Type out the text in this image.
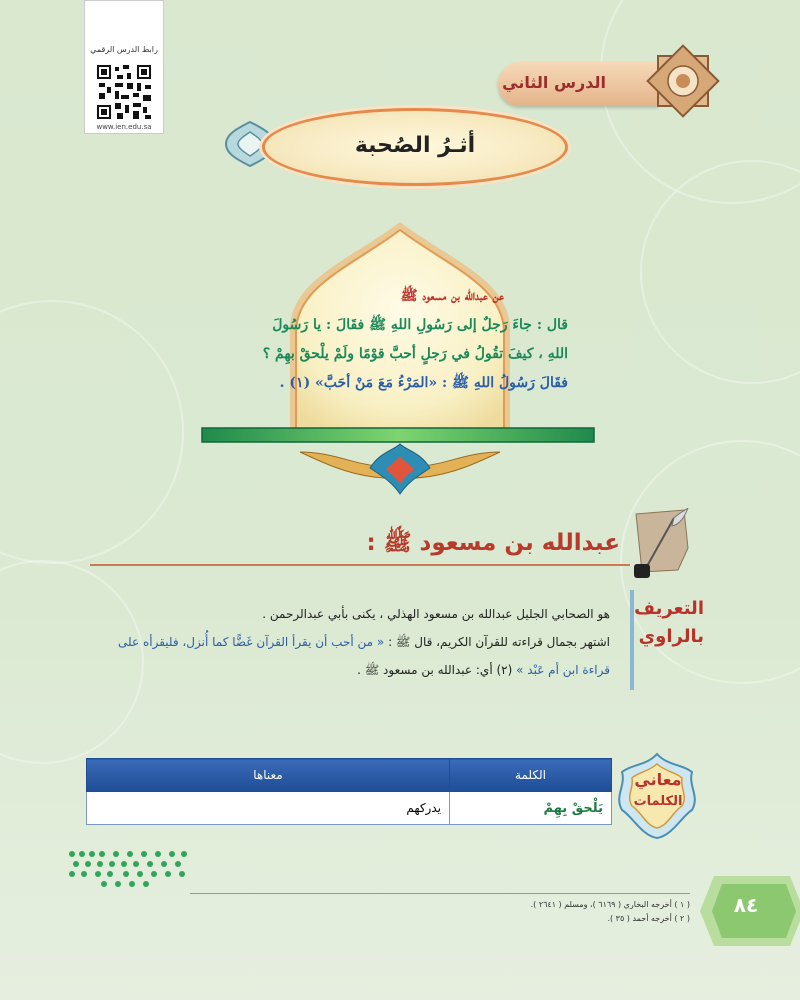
رابط الدرس الرقمي
www.ien.edu.sa
الدرس الثاني
أثـرُ الصُحبة
عن عبدالله بن مسعود ﷺ
قال : جاءَ رَجلٌ إلى رَسُولِ اللهِ ﷺ فقَالَ : يا رَسُولَ
اللهِ ، كيفَ تقُولُ في رَجلٍ أحبَّ قوْمًا ولَمْ يلْحقْ بهِمْ ؟
فقَالَ رَسُولُ اللهِ ﷺ : «المَرْءُ مَعَ مَنْ أحَبَّ» (١) .
عبدالله بن مسعود ﷺ :
التعريف
بالراوي
هو الصحابي الجليل عبدالله بن مسعود الهذلي ، يكنى بأبي عبدالرحمن .
اشتهر بجمال قراءته للقرآن الكريم، قال ﷺ : « من أحب أن يقرأ القرآن غَضًّا كما أُنزل، فليقرأه على
قراءة ابن أم عَبْد » (٢) أي: عبدالله بن مسعود ﷺ .
معاني
الكلمات
معناها	الكلمة
يدركهم	يَلْحقْ بِهِمْ
( ١ ) أخرجه البخاري ( ٦١٦٩ )، ومسلم ( ٢٦٤١ ).
( ٢ ) أخرجه أحمد ( ٣٥ ).
٨٤
